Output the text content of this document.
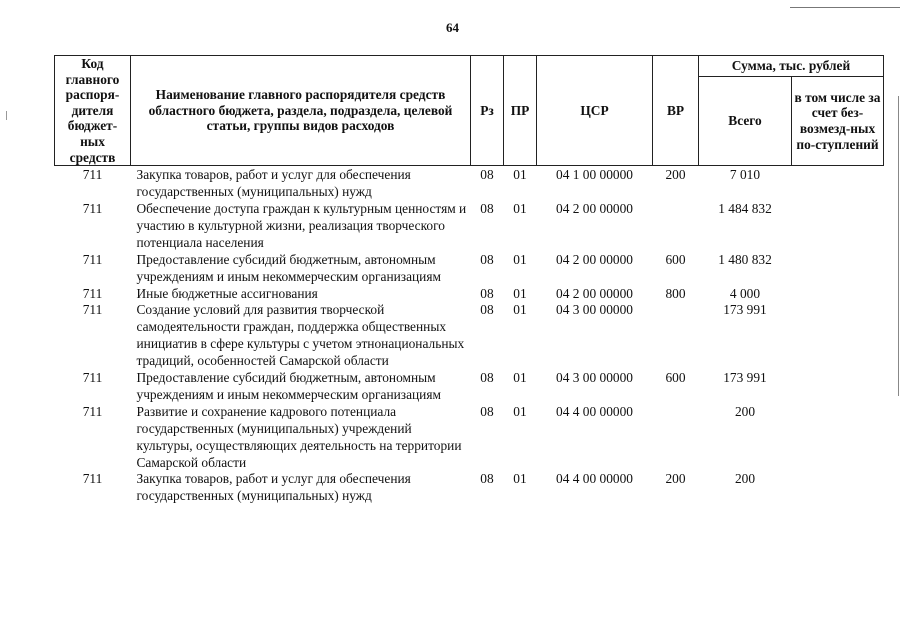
64
Код главного распоря-дителя бюджет-ных средств	Наименование главного распорядителя средств областного бюджета, раздела, подраздела, целевой статьи, группы видов расходов	Рз	ПР	ЦСР	ВР	Сумма, тыс. рублей	
						Всего	в том числе за счет без-возмезд-ных по-ступлений
711	Закупка товаров, работ и услуг для обеспечения государственных (муниципальных) нужд	08	01	04 1 00 00000	200	7 010	
711	Обеспечение доступа граждан к культурным ценностям и участию в культурной жизни, реализация творческого потенциала населения	08	01	04 2 00 00000		1 484 832	
711	Предоставление субсидий бюджетным, автономным учреждениям и иным некоммерческим организациям	08	01	04 2 00 00000	600	1 480 832	
711	Иные бюджетные ассигнования	08	01	04 2 00 00000	800	4 000	
711	Создание условий для развития творческой самодеятельности граждан, поддержка общественных инициатив в сфере культуры с учетом этнонациональных традиций, особенностей Самарской области	08	01	04 3 00 00000		173 991	
711	Предоставление субсидий бюджетным, автономным учреждениям и иным некоммерческим организациям	08	01	04 3 00 00000	600	173 991	
711	Развитие и сохранение кадрового потенциала государственных (муниципальных) учреждений культуры, осуществляющих деятельность на территории Самарской области	08	01	04 4 00 00000		200	
711	Закупка товаров, работ и услуг для обеспечения государственных (муниципальных) нужд	08	01	04 4 00 00000	200	200	
